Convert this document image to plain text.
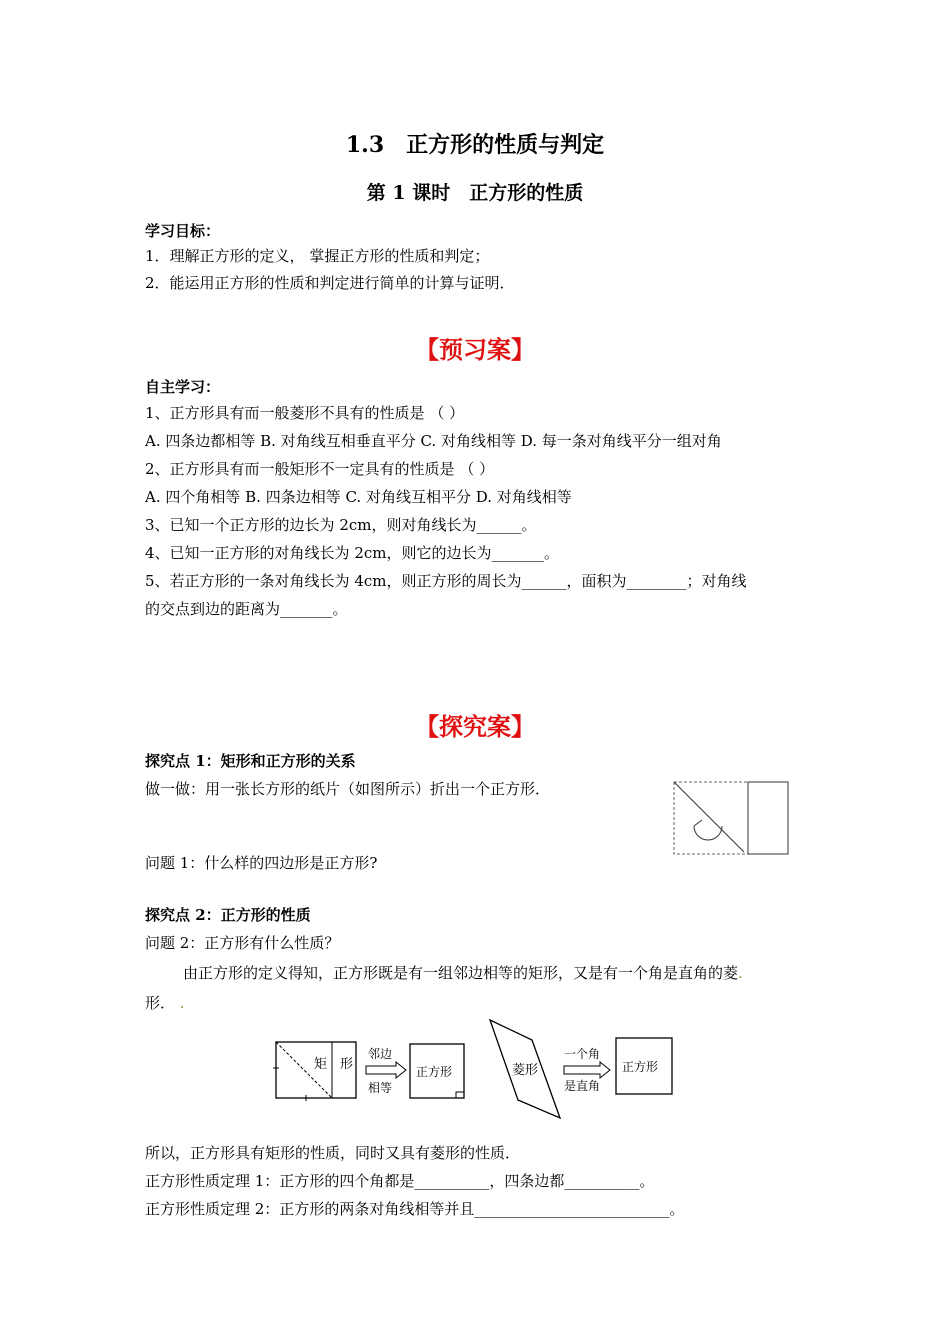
1.3　正方形的性质与判定
第 1 课时　正方形的性质
学习目标：
1．理解正方形的定义， 掌握正方形的性质和判定；
2．能运用正方形的性质和判定进行简单的计算与证明．
【预习案】
自主学习：
1、正方形具有而一般菱形不具有的性质是 （ ）
A. 四条边都相等 B. 对角线互相垂直平分 C. 对角线相等 D. 每一条对角线平分一组对角
2、正方形具有而一般矩形不一定具有的性质是 （ ）
A. 四个角相等 B. 四条边相等 C. 对角线互相平分 D. 对角线相等
3、已知一个正方形的边长为 2cm，则对角线长为______。
4、已知一正方形的对角线长为 2cm，则它的边长为_______。
5、若正方形的一条对角线长为 4cm，则正方形的周长为______，面积为________；对角线
的交点到边的距离为_______。
【探究案】
探究点 1：矩形和正方形的关系
做一做：用一张长方形的纸片（如图所示）折出一个正方形．
问题 1：什么样的四边形是正方形?
探究点 2：正方形的性质
问题 2：正方形有什么性质？
由正方形的定义得知，正方形既是有一组邻边相等的矩形，又是有一个角是直角的菱.
形． .
矩 形
邻边
相等
正方形	菱形
一个角
是直角
正方形
所以，正方形具有矩形的性质，同时又具有菱形的性质．
正方形性质定理 1：正方形的四个角都是__________，四条边都__________。
正方形性质定理 2：正方形的两条对角线相等并且__________________________。
